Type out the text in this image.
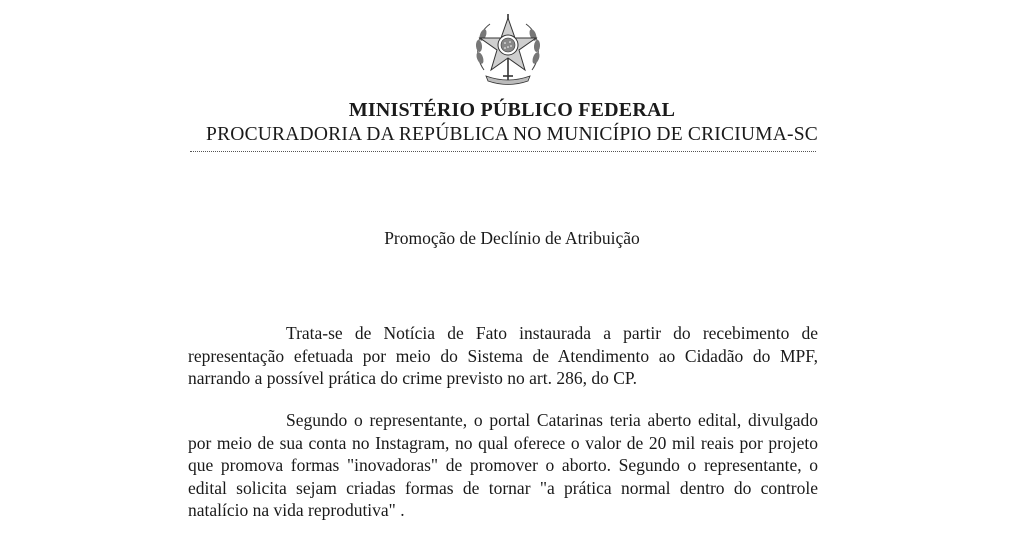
MINISTÉRIO PÚBLICO FEDERAL
PROCURADORIA DA REPÚBLICA NO MUNICÍPIO DE CRICIUMA-SC
Promoção de Declínio de Atribuição

Trata-se de Notícia de Fato instaurada a partir do recebimento de representação efetuada por meio do Sistema de Atendimento ao Cidadão do MPF, narrando a possível prática do crime previsto no art. 286, do CP.

Segundo o representante, o portal Catarinas teria aberto edital, divulgado por meio de sua conta no Instagram, no qual oferece o valor de 20 mil reais por projeto que promova formas "inovadoras" de promover o aborto. Segundo o representante, o edital solicita sejam criadas formas de tornar "a prática normal dentro do controle natalício na vida reprodutiva" .
